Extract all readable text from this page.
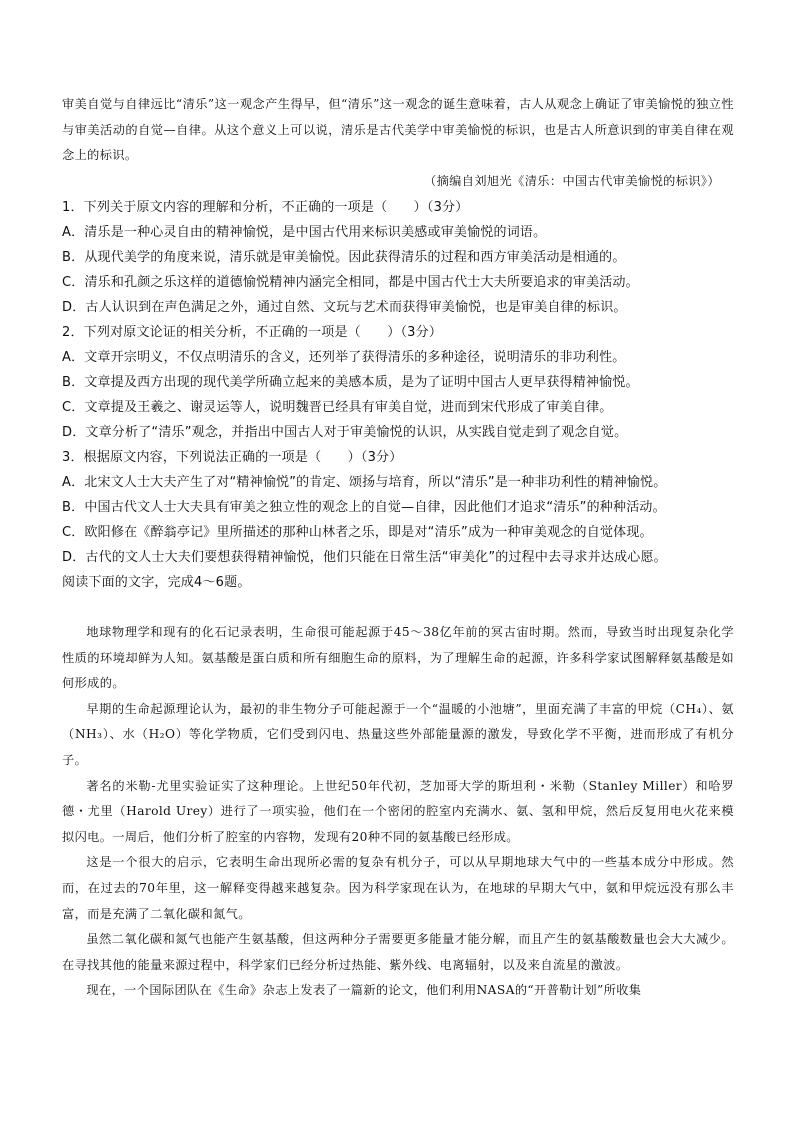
审美自觉与自律远比“清乐”这一观念产生得早，但“清乐”这一观念的诞生意味着，古人从观念上确证了审美愉悦的独立性与审美活动的自觉—自律。从这个意义上可以说，清乐是古代美学中审美愉悦的标识，也是古人所意识到的审美自律在观念上的标识。

（摘编自刘旭光《清乐：中国古代审美愉悦的标识》）

1．下列关于原文内容的理解和分析，不正确的一项是（　　）（3分）

A．清乐是一种心灵自由的精神愉悦，是中国古代用来标识美感或审美愉悦的词语。

B．从现代美学的角度来说，清乐就是审美愉悦。因此获得清乐的过程和西方审美活动是相通的。

C．清乐和孔颜之乐这样的道德愉悦精神内涵完全相同，都是中国古代士大夫所要追求的审美活动。

D．古人认识到在声色满足之外，通过自然、文玩与艺术而获得审美愉悦，也是审美自律的标识。

2．下列对原文论证的相关分析，不正确的一项是（　　）（3分）

A．文章开宗明义，不仅点明清乐的含义，还列举了获得清乐的多种途径，说明清乐的非功利性。

B．文章提及西方出现的现代美学所确立起来的美感本质，是为了证明中国古人更早获得精神愉悦。

C．文章提及王羲之、谢灵运等人，说明魏晋已经具有审美自觉，进而到宋代形成了审美自律。

D．文章分析了“清乐”观念，并指出中国古人对于审美愉悦的认识，从实践自觉走到了观念自觉。

3．根据原文内容，下列说法正确的一项是（　　）（3分）

A．北宋文人士大夫产生了对“精神愉悦”的肯定、颂扬与培育，所以“清乐”是一种非功利性的精神愉悦。

B．中国古代文人士大夫具有审美之独立性的观念上的自觉—自律，因此他们才追求“清乐”的种种活动。

C．欧阳修在《醉翁亭记》里所描述的那种山林者之乐，即是对“清乐”成为一种审美观念的自觉体现。

D．古代的文人士大夫们要想获得精神愉悦，他们只能在日常生活“审美化”的过程中去寻求并达成心愿。

阅读下面的文字，完成4～6题。

地球物理学和现有的化石记录表明，生命很可能起源于45～38亿年前的冥古宙时期。然而，导致当时出现复杂化学性质的环境却鲜为人知。氨基酸是蛋白质和所有细胞生命的原料，为了理解生命的起源，许多科学家试图解释氨基酸是如何形成的。

早期的生命起源理论认为，最初的非生物分子可能起源于一个“温暖的小池塘”，里面充满了丰富的甲烷（CH₄）、氨（NH₃）、水（H₂O）等化学物质，它们受到闪电、热量这些外部能量源的激发，导致化学不平衡，进而形成了有机分子。

著名的米勒-尤里实验证实了这种理论。上世纪50年代初，芝加哥大学的斯坦利・米勒（Stanley Miller）和哈罗德・尤里（Harold Urey）进行了一项实验，他们在一个密闭的腔室内充满水、氨、氢和甲烷，然后反复用电火花来模拟闪电。一周后，他们分析了腔室的内容物，发现有20种不同的氨基酸已经形成。

这是一个很大的启示，它表明生命出现所必需的复杂有机分子，可以从早期地球大气中的一些基本成分中形成。然而，在过去的70年里，这一解释变得越来越复杂。因为科学家现在认为，在地球的早期大气中，氨和甲烷远没有那么丰富，而是充满了二氧化碳和氮气。

虽然二氧化碳和氮气也能产生氨基酸，但这两种分子需要更多能量才能分解，而且产生的氨基酸数量也会大大减少。在寻找其他的能量来源过程中，科学家们已经分析过热能、紫外线、电离辐射，以及来自流星的激波。

现在，一个国际团队在《生命》杂志上发表了一篇新的论文，他们利用NASA的“开普勒计划”所收集
